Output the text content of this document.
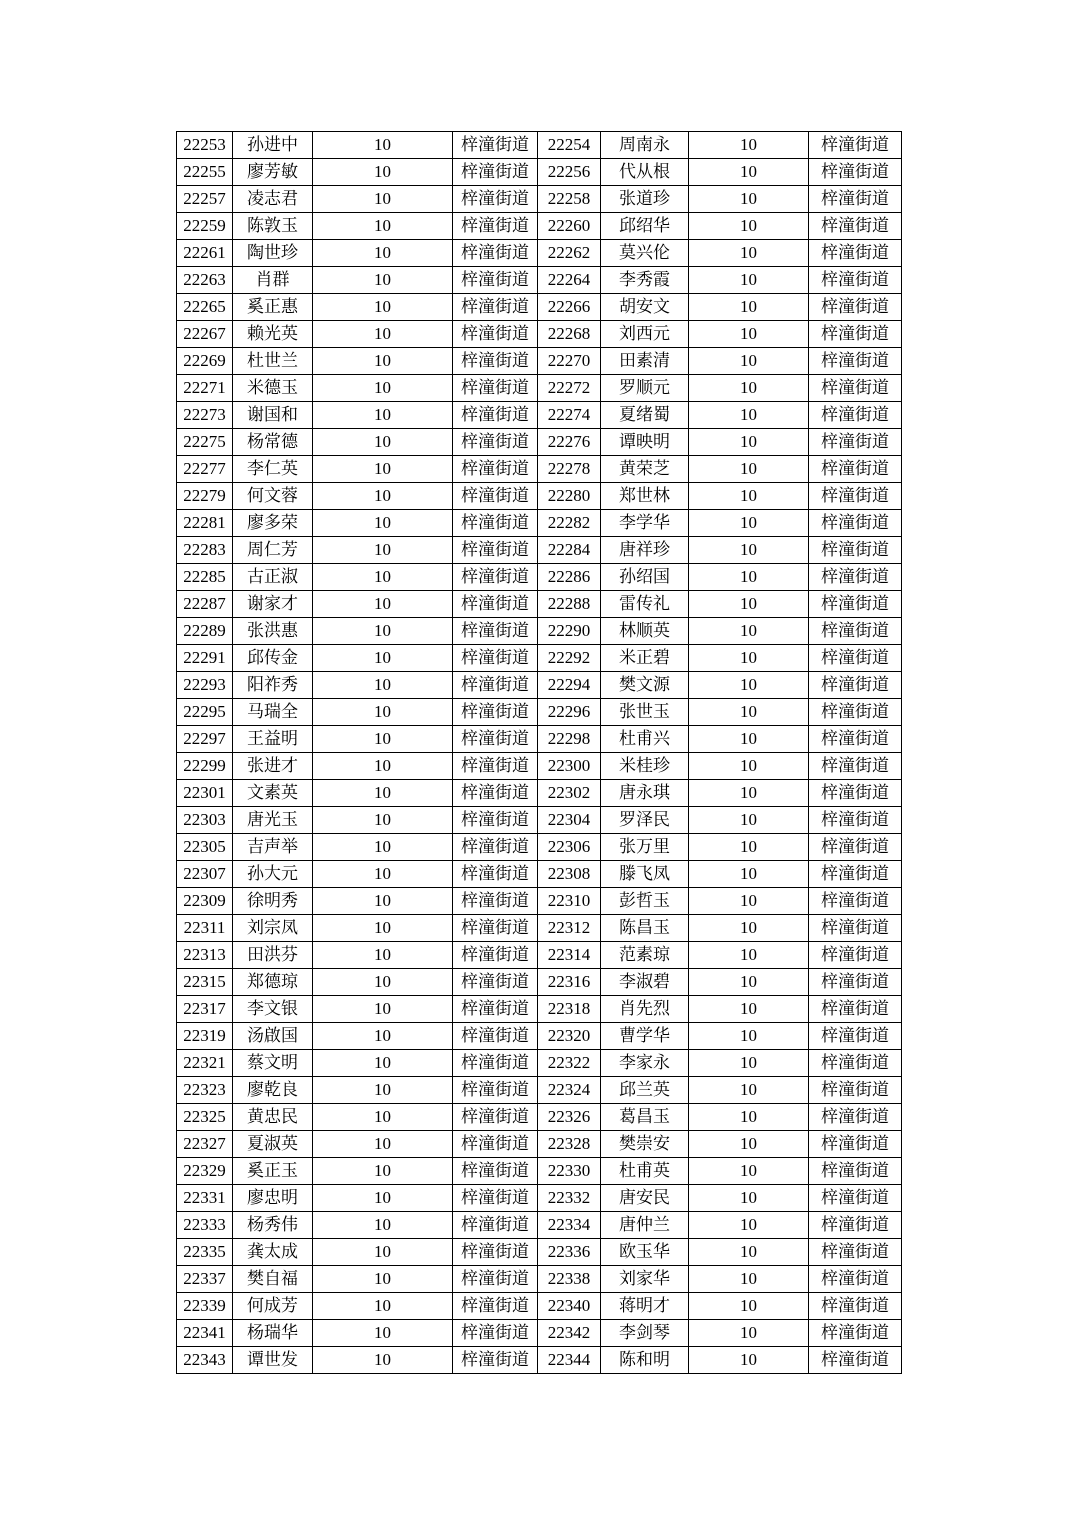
22253	孙进中	10	梓潼街道	22254	周南永	10	梓潼街道
22255	廖芳敏	10	梓潼街道	22256	代从根	10	梓潼街道
22257	凌志君	10	梓潼街道	22258	张道珍	10	梓潼街道
22259	陈敦玉	10	梓潼街道	22260	邱绍华	10	梓潼街道
22261	陶世珍	10	梓潼街道	22262	莫兴伦	10	梓潼街道
22263	肖群	10	梓潼街道	22264	李秀霞	10	梓潼街道
22265	奚正惠	10	梓潼街道	22266	胡安文	10	梓潼街道
22267	赖光英	10	梓潼街道	22268	刘西元	10	梓潼街道
22269	杜世兰	10	梓潼街道	22270	田素清	10	梓潼街道
22271	米德玉	10	梓潼街道	22272	罗顺元	10	梓潼街道
22273	谢国和	10	梓潼街道	22274	夏绪蜀	10	梓潼街道
22275	杨常德	10	梓潼街道	22276	谭映明	10	梓潼街道
22277	李仁英	10	梓潼街道	22278	黄荣芝	10	梓潼街道
22279	何文蓉	10	梓潼街道	22280	郑世林	10	梓潼街道
22281	廖多荣	10	梓潼街道	22282	李学华	10	梓潼街道
22283	周仁芳	10	梓潼街道	22284	唐祥珍	10	梓潼街道
22285	古正淑	10	梓潼街道	22286	孙绍国	10	梓潼街道
22287	谢家才	10	梓潼街道	22288	雷传礼	10	梓潼街道
22289	张洪惠	10	梓潼街道	22290	林顺英	10	梓潼街道
22291	邱传金	10	梓潼街道	22292	米正碧	10	梓潼街道
22293	阳祚秀	10	梓潼街道	22294	樊文源	10	梓潼街道
22295	马瑞全	10	梓潼街道	22296	张世玉	10	梓潼街道
22297	王益明	10	梓潼街道	22298	杜甫兴	10	梓潼街道
22299	张进才	10	梓潼街道	22300	米桂珍	10	梓潼街道
22301	文素英	10	梓潼街道	22302	唐永琪	10	梓潼街道
22303	唐光玉	10	梓潼街道	22304	罗泽民	10	梓潼街道
22305	吉声举	10	梓潼街道	22306	张万里	10	梓潼街道
22307	孙大元	10	梓潼街道	22308	滕飞凤	10	梓潼街道
22309	徐明秀	10	梓潼街道	22310	彭哲玉	10	梓潼街道
22311	刘宗凤	10	梓潼街道	22312	陈昌玉	10	梓潼街道
22313	田洪芬	10	梓潼街道	22314	范素琼	10	梓潼街道
22315	郑德琼	10	梓潼街道	22316	李淑碧	10	梓潼街道
22317	李文银	10	梓潼街道	22318	肖先烈	10	梓潼街道
22319	汤啟国	10	梓潼街道	22320	曹学华	10	梓潼街道
22321	蔡文明	10	梓潼街道	22322	李家永	10	梓潼街道
22323	廖乾良	10	梓潼街道	22324	邱兰英	10	梓潼街道
22325	黄忠民	10	梓潼街道	22326	葛昌玉	10	梓潼街道
22327	夏淑英	10	梓潼街道	22328	樊崇安	10	梓潼街道
22329	奚正玉	10	梓潼街道	22330	杜甫英	10	梓潼街道
22331	廖忠明	10	梓潼街道	22332	唐安民	10	梓潼街道
22333	杨秀伟	10	梓潼街道	22334	唐仲兰	10	梓潼街道
22335	龚太成	10	梓潼街道	22336	欧玉华	10	梓潼街道
22337	樊自福	10	梓潼街道	22338	刘家华	10	梓潼街道
22339	何成芳	10	梓潼街道	22340	蒋明才	10	梓潼街道
22341	杨瑞华	10	梓潼街道	22342	李剑琴	10	梓潼街道
22343	谭世发	10	梓潼街道	22344	陈和明	10	梓潼街道
